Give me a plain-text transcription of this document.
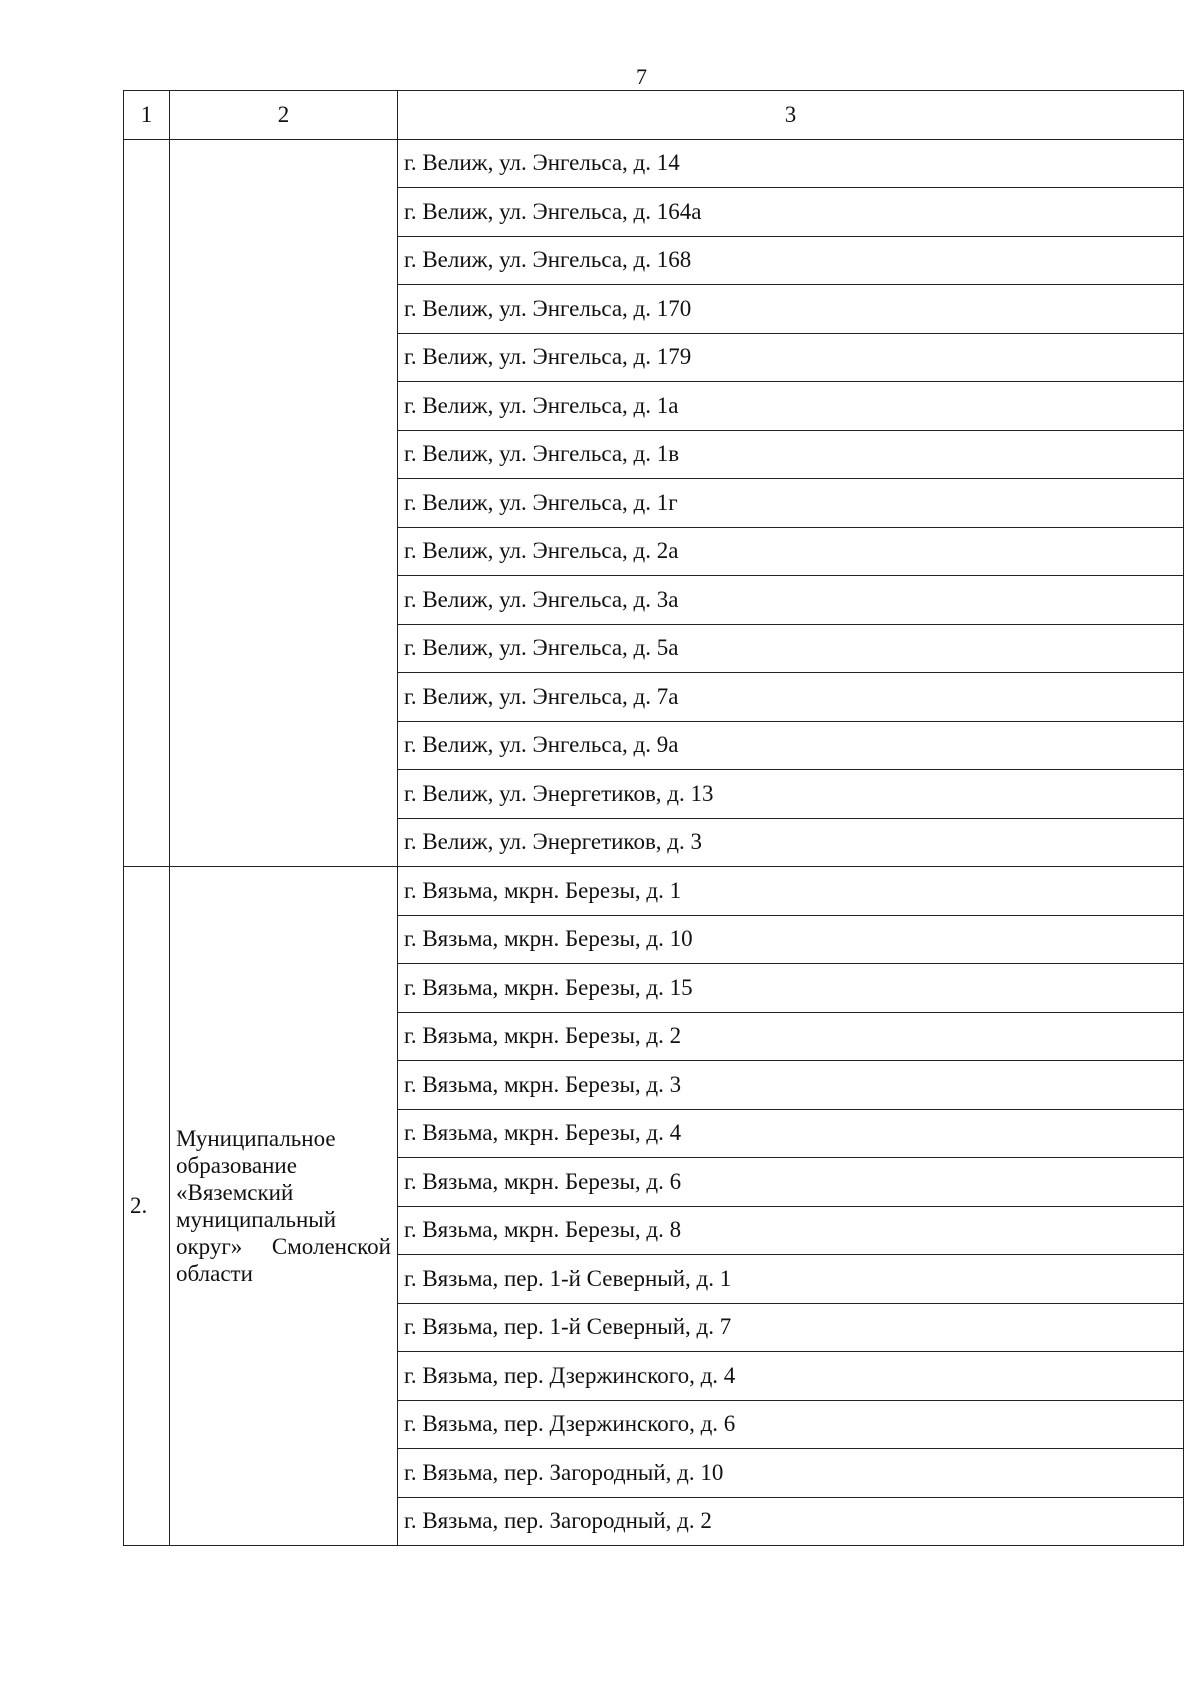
7
1	2	3
		г. Велиж, ул. Энгельса, д. 14
		г. Велиж, ул. Энгельса, д. 164а
		г. Велиж, ул. Энгельса, д. 168
		г. Велиж, ул. Энгельса, д. 170
		г. Велиж, ул. Энгельса, д. 179
		г. Велиж, ул. Энгельса, д. 1а
		г. Велиж, ул. Энгельса, д. 1в
		г. Велиж, ул. Энгельса, д. 1г
		г. Велиж, ул. Энгельса, д. 2а
		г. Велиж, ул. Энгельса, д. 3а
		г. Велиж, ул. Энгельса, д. 5а
		г. Велиж, ул. Энгельса, д. 7а
		г. Велиж, ул. Энгельса, д. 9а
		г. Велиж, ул. Энергетиков, д. 13
		г. Велиж, ул. Энергетиков, д. 3
2.	Муниципальное образование «Вяземский муниципальный округ» Смоленской области	г. Вязьма, мкрн. Березы, д. 1
		г. Вязьма, мкрн. Березы, д. 10
		г. Вязьма, мкрн. Березы, д. 15
		г. Вязьма, мкрн. Березы, д. 2
		г. Вязьма, мкрн. Березы, д. 3
		г. Вязьма, мкрн. Березы, д. 4
		г. Вязьма, мкрн. Березы, д. 6
		г. Вязьма, мкрн. Березы, д. 8
		г. Вязьма, пер. 1-й Северный, д. 1
		г. Вязьма, пер. 1-й Северный, д. 7
		г. Вязьма, пер. Дзержинского, д. 4
		г. Вязьма, пер. Дзержинского, д. 6
		г. Вязьма, пер. Загородный, д. 10
		г. Вязьма, пер. Загородный, д. 2
